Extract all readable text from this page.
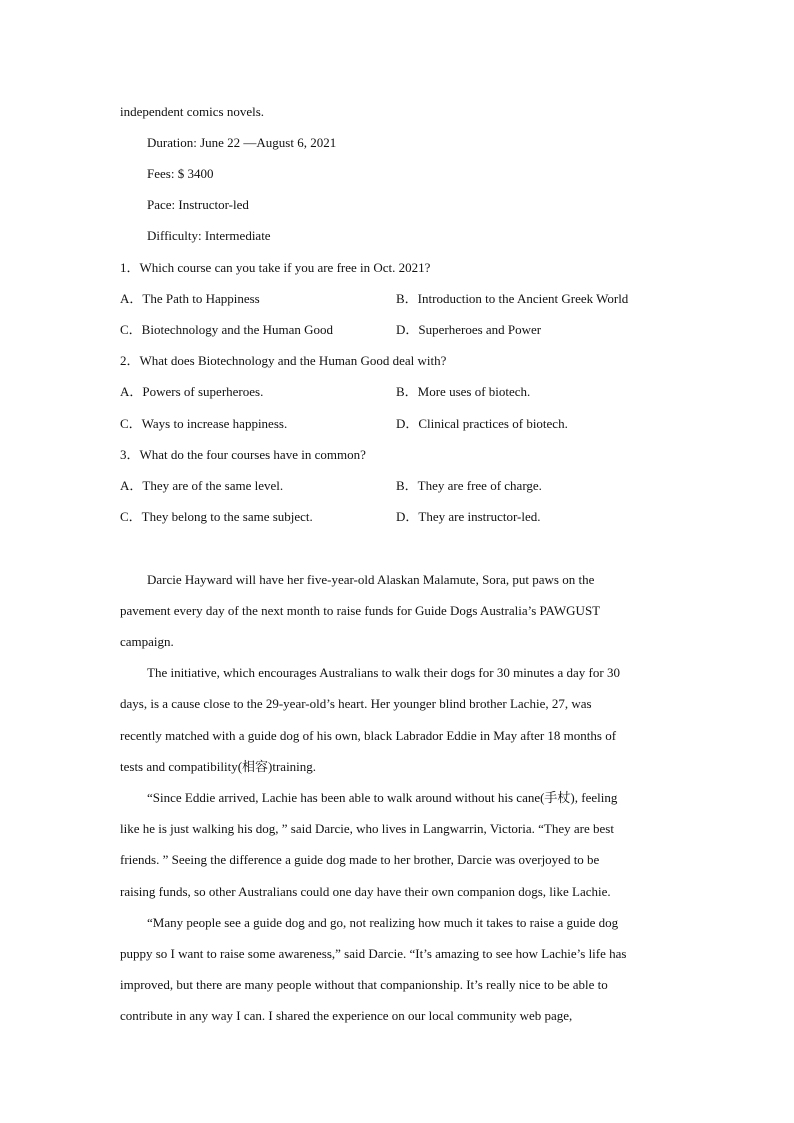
independent comics novels.
Duration: June 22 —August 6, 2021
Fees: $ 3400
Pace: Instructor-led
Difficulty: Intermediate
1．Which course can you take if you are free in Oct. 2021?
A．The Path to Happiness	B．Introduction to the Ancient Greek World
C．Biotechnology and the Human Good	D．Superheroes and Power
2．What does Biotechnology and the Human Good deal with?
A．Powers of superheroes.	B．More uses of biotech.
C．Ways to increase happiness.	D．Clinical practices of biotech.
3．What do the four courses have in common?
A．They are of the same level.	B．They are free of charge.
C．They belong to the same subject.	D．They are instructor-led.
Darcie Hayward will have her five-year-old Alaskan Malamute, Sora, put paws on the
pavement every day of the next month to raise funds for Guide Dogs Australia’s PAWGUST
campaign.
The initiative, which encourages Australians to walk their dogs for 30 minutes a day for 30
days, is a cause close to the 29-year-old’s heart. Her younger blind brother Lachie, 27, was
recently matched with a guide dog of his own, black Labrador Eddie in May after 18 months of
tests and compatibility(相容)training.
“Since Eddie arrived, Lachie has been able to walk around without his cane(手杖), feeling
like he is just walking his dog, ” said Darcie, who lives in Langwarrin, Victoria. “They are best
friends. ” Seeing the difference a guide dog made to her brother, Darcie was overjoyed to be
raising funds, so other Australians could one day have their own companion dogs, like Lachie.
“Many people see a guide dog and go, not realizing how much it takes to raise a guide dog
puppy so I want to raise some awareness,” said Darcie. “It’s amazing to see how Lachie’s life has
improved, but there are many people without that companionship. It’s really nice to be able to
contribute in any way I can. I shared the experience on our local community web page,
